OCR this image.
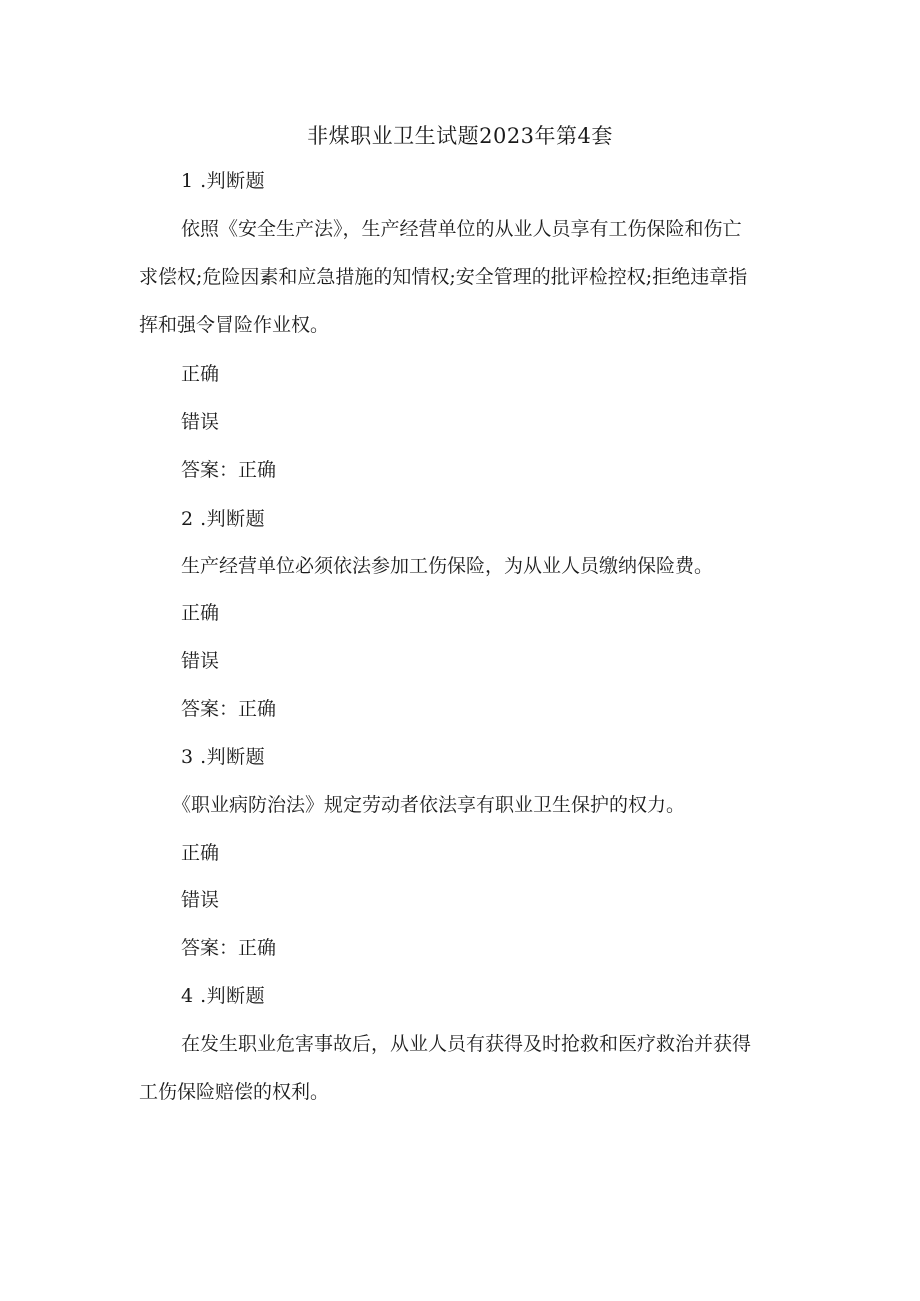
非煤职业卫生试题2023年第4套
1 .判断题
依照《安全生产法》，生产经营单位的从业人员享有工伤保险和伤亡
求偿权;危险因素和应急措施的知情权;安全管理的批评检控权;拒绝违章指
挥和强令冒险作业权。
正确
错误
答案：正确
2 .判断题
生产经营单位必须依法参加工伤保险，为从业人员缴纳保险费。
正确
错误
答案：正确
3 .判断题
《职业病防治法》规定劳动者依法享有职业卫生保护的权力。
正确
错误
答案：正确
4 .判断题
在发生职业危害事故后，从业人员有获得及时抢救和医疗救治并获得
工伤保险赔偿的权利。
